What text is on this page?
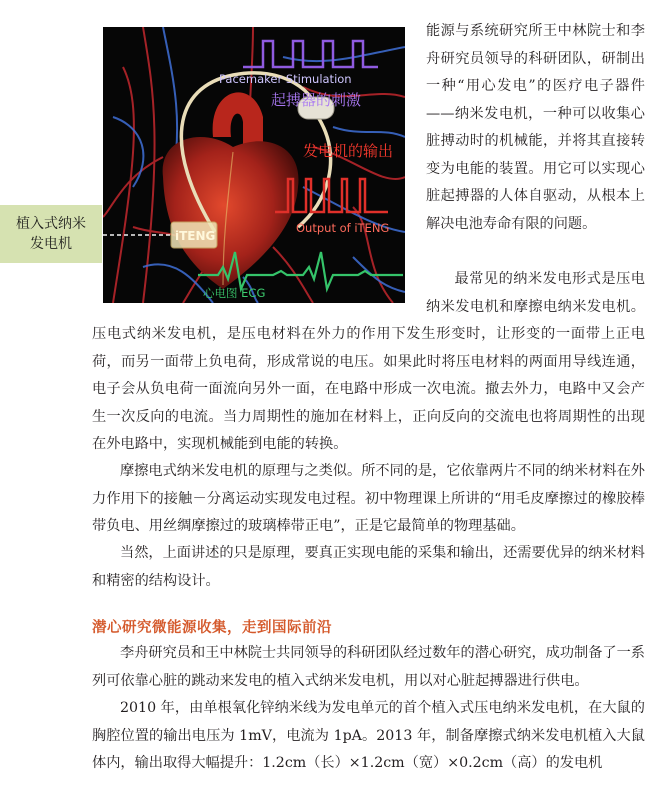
Pacemaker Stimulation
起搏器的刺激
发电机的输出
Output of iTENG
iTENG
心电图 ECG
植入式纳米
发电机

能源与系统研究所王中林院士和李舟研究员领导的科研团队，研制出一种“用心发电”的医疗电子器件——纳米发电机，一种可以收集心脏搏动时的机械能，并将其直接转变为电能的装置。用它可以实现心脏起搏器的人体自驱动，从根本上解决电池寿命有限的问题。

最常见的纳米发电形式是压电纳米发电机和摩擦电纳米发电机。压电式纳米发电机，是压电材料在外力的作用下发生形变时，让形变的一面带上正电荷，而另一面带上负电荷，形成常说的电压。如果此时将压电材料的两面用导线连通，电子会从负电荷一面流向另外一面，在电路中形成一次电流。撤去外力，电路中又会产生一次反向的电流。当力周期性的施加在材料上，正向反向的交流电也将周期性的出现在外电路中，实现机械能到电能的转换。

摩擦电式纳米发电机的原理与之类似。所不同的是，它依靠两片不同的纳米材料在外力作用下的接触－分离运动实现发电过程。初中物理课上所讲的“用毛皮摩擦过的橡胶棒带负电、用丝绸摩擦过的玻璃棒带正电”，正是它最简单的物理基础。

当然，上面讲述的只是原理，要真正实现电能的采集和输出，还需要优异的纳米材料和精密的结构设计。

潜心研究微能源收集，走到国际前沿

李舟研究员和王中林院士共同领导的科研团队经过数年的潜心研究，成功制备了一系列可依靠心脏的跳动来发电的植入式纳米发电机，用以对心脏起搏器进行供电。

2010 年，由单根氧化锌纳米线为发电单元的首个植入式压电纳米发电机，在大鼠的胸腔位置的输出电压为 1mV，电流为 1pA。2013 年，制备摩擦式纳米发电机植入大鼠体内，输出取得大幅提升：1.2cm（长）×1.2cm（宽）×0.2cm（高）的发电机
